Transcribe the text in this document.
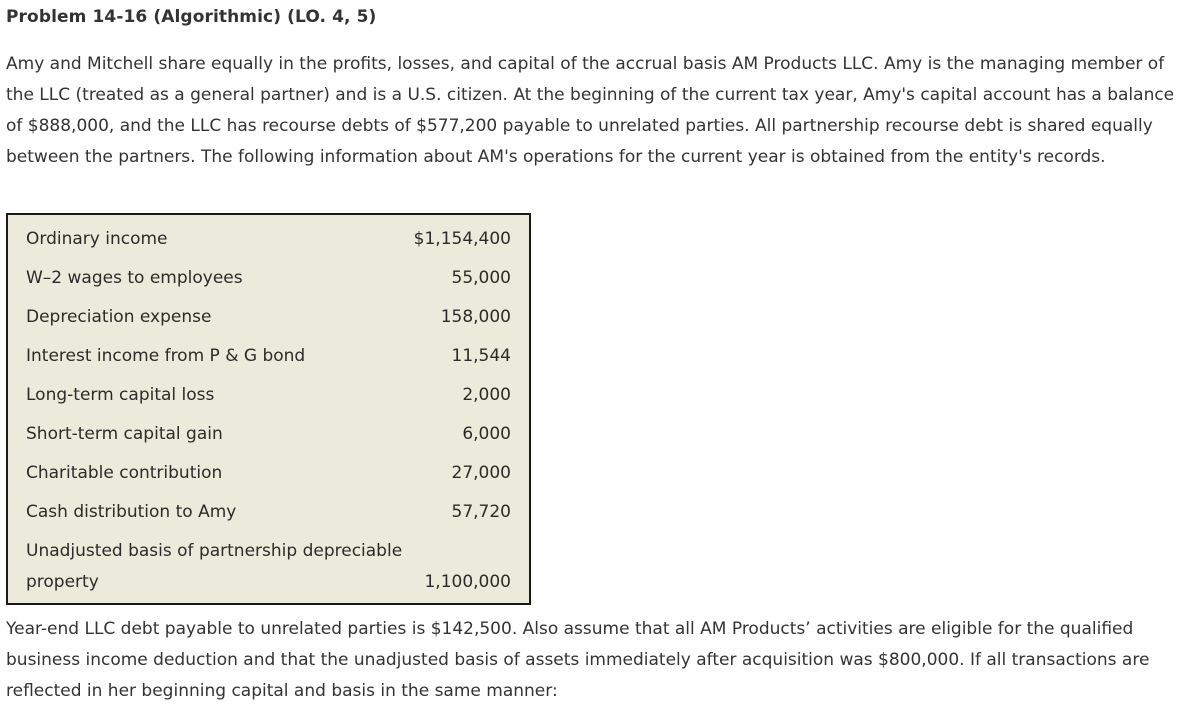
Problem 14-16 (Algorithmic) (LO. 4, 5)
Amy and Mitchell share equally in the profits, losses, and capital of the accrual basis AM Products LLC. Amy is the managing member of the LLC (treated as a general partner) and is a U.S. citizen. At the beginning of the current tax year, Amy's capital account has a balance of $888,000, and the LLC has recourse debts of $577,200 payable to unrelated parties. All partnership recourse debt is shared equally between the partners. The following information about AM's operations for the current year is obtained from the entity's records.
Ordinary income	$1,154,400
W–2 wages to employees	55,000
Depreciation expense	158,000
Interest income from P & G bond	11,544
Long-term capital loss	2,000
Short-term capital gain	6,000
Charitable contribution	27,000
Cash distribution to Amy	57,720
Unadjusted basis of partnership depreciable property	1,100,000
Year-end LLC debt payable to unrelated parties is $142,500. Also assume that all AM Products’ activities are eligible for the qualified business income deduction and that the unadjusted basis of assets immediately after acquisition was $800,000. If all transactions are reflected in her beginning capital and basis in the same manner:
